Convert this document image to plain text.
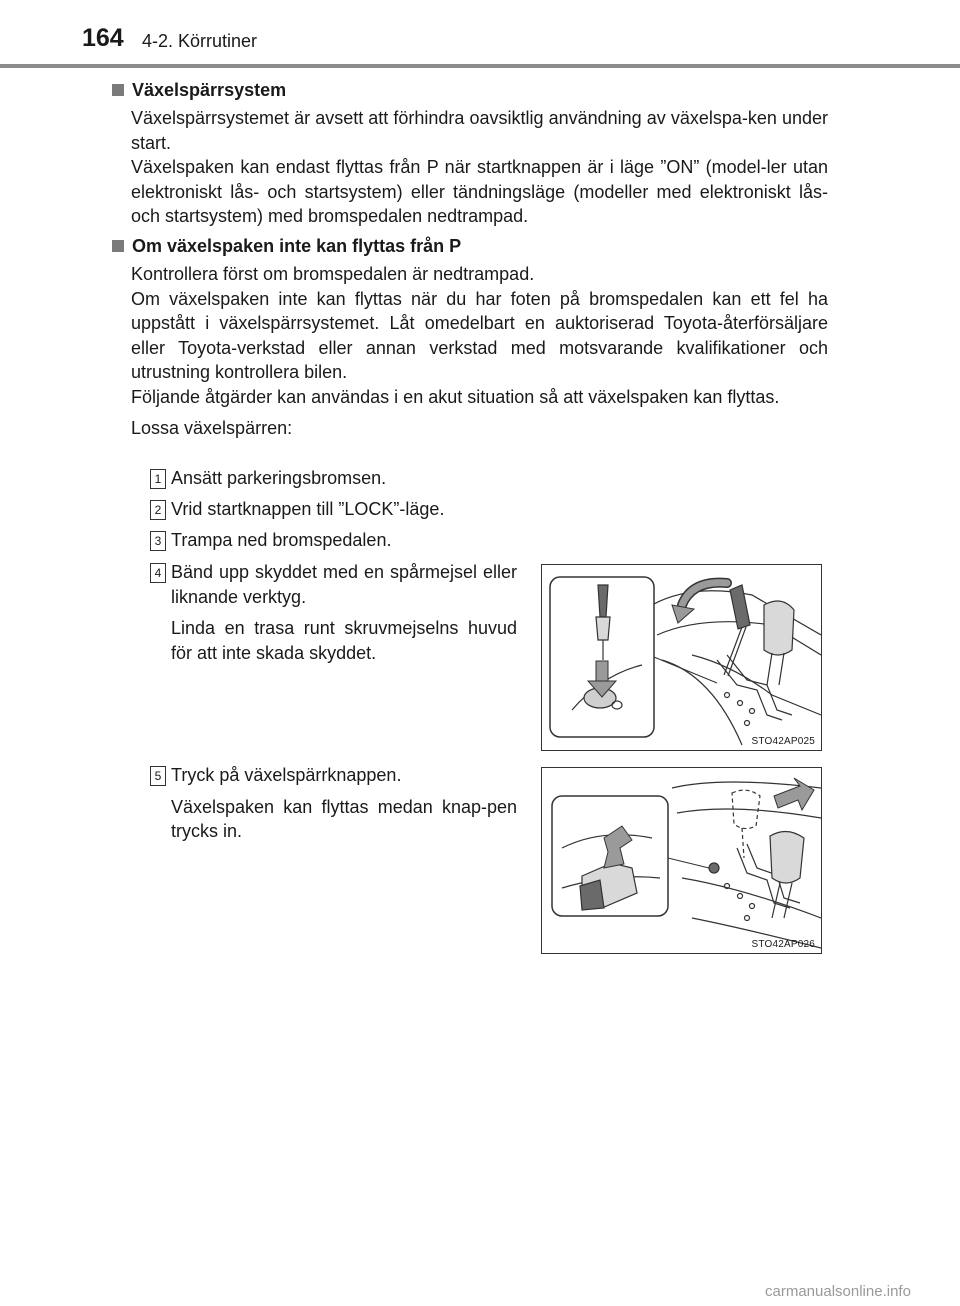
164 4-2. Körrutiner
Växelspärrsystem

Växelspärrsystemet är avsett att förhindra oavsiktlig användning av växelspa-ken under start.

Växelspaken kan endast flyttas från P när startknappen är i läge ”ON” (model-ler utan elektroniskt lås- och startsystem) eller tändningsläge (modeller med elektroniskt lås- och startsystem) med bromspedalen nedtrampad.

Om växelspaken inte kan flyttas från P

Kontrollera först om bromspedalen är nedtrampad.

Om växelspaken inte kan flyttas när du har foten på bromspedalen kan ett fel ha uppstått i växelspärrsystemet. Låt omedelbart en auktoriserad Toyota-återförsäljare eller Toyota-verkstad eller annan verkstad med motsvarande kvalifikationer och utrustning kontrollera bilen.

Följande åtgärder kan användas i en akut situation så att växelspaken kan flyttas.

Lossa växelspärren:

1 Ansätt parkeringsbromsen.
2 Vrid startknappen till ”LOCK”-läge.
3 Trampa ned bromspedalen.
4 Bänd upp skyddet med en spårmejsel eller liknande verktyg.

Linda en trasa runt skruvmejselns huvud för att inte skada skyddet.

STO42AP025
5 Tryck på växelspärrknappen.

Växelspaken kan flyttas medan knap-pen trycks in.

STO42AP026
carmanualsonline.info
